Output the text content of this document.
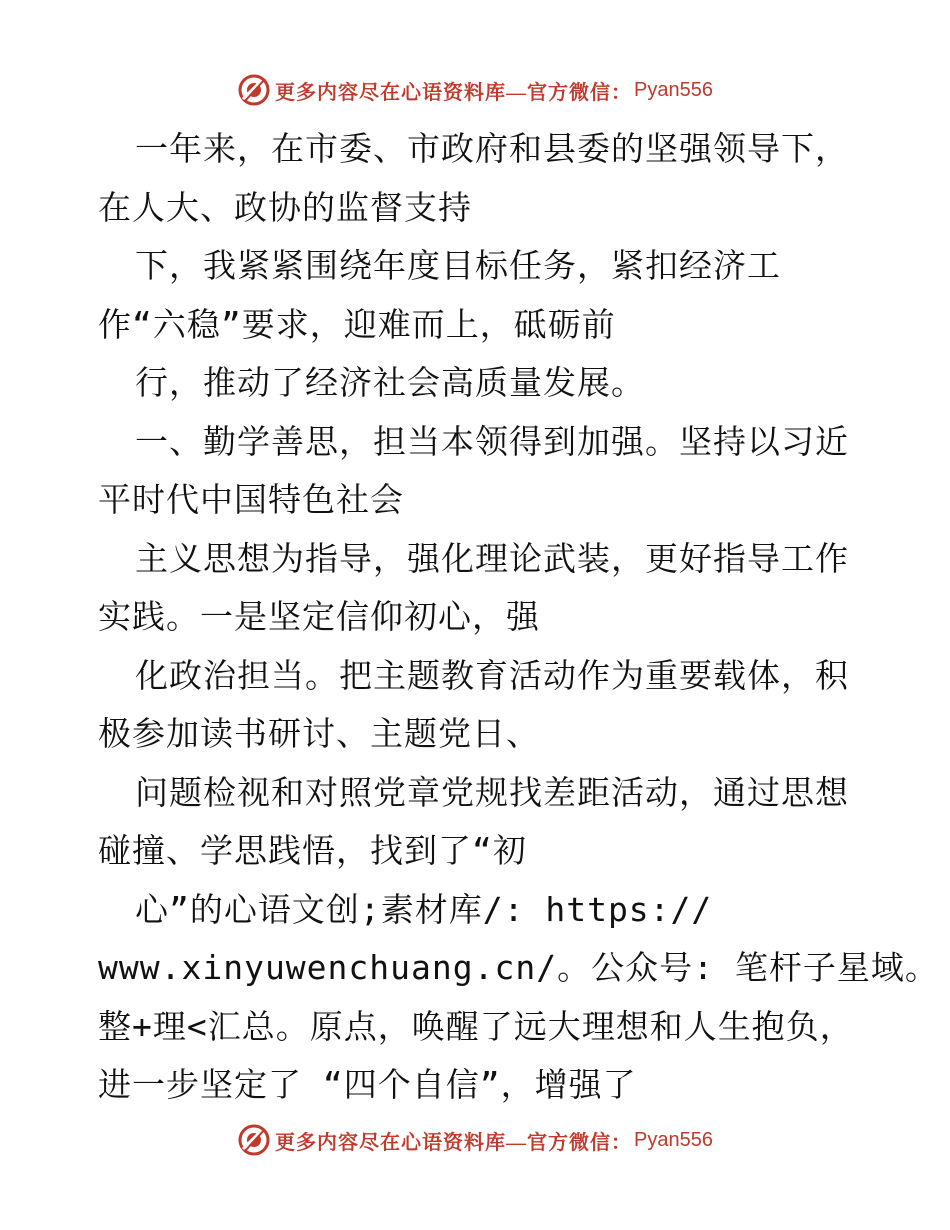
更多内容尽在心语资料库—官方微信： Pyan556
一年来，在市委、市政府和县委的坚强领导下，
在人大、政协的监督支持
下，我紧紧围绕年度目标任务，紧扣经济工
作“六稳”要求，迎难而上，砥砺前
行，推动了经济社会高质量发展。
一、勤学善思，担当本领得到加强。坚持以习近
平时代中国特色社会
主义思想为指导，强化理论武装，更好指导工作
实践。一是坚定信仰初心，强
化政治担当。把主题教育活动作为重要载体，积
极参加读书研讨、主题党日、
问题检视和对照党章党规找差距活动，通过思想
碰撞、学思践悟，找到了“初
心”的心语文创;素材库/: https://
www.xinyuwenchuang.cn/。公众号: 笔杆子星域。
整+理<汇总。原点，唤醒了远大理想和人生抱负，
进一步坚定了 “四个自信”，增强了
更多内容尽在心语资料库—官方微信： Pyan556
